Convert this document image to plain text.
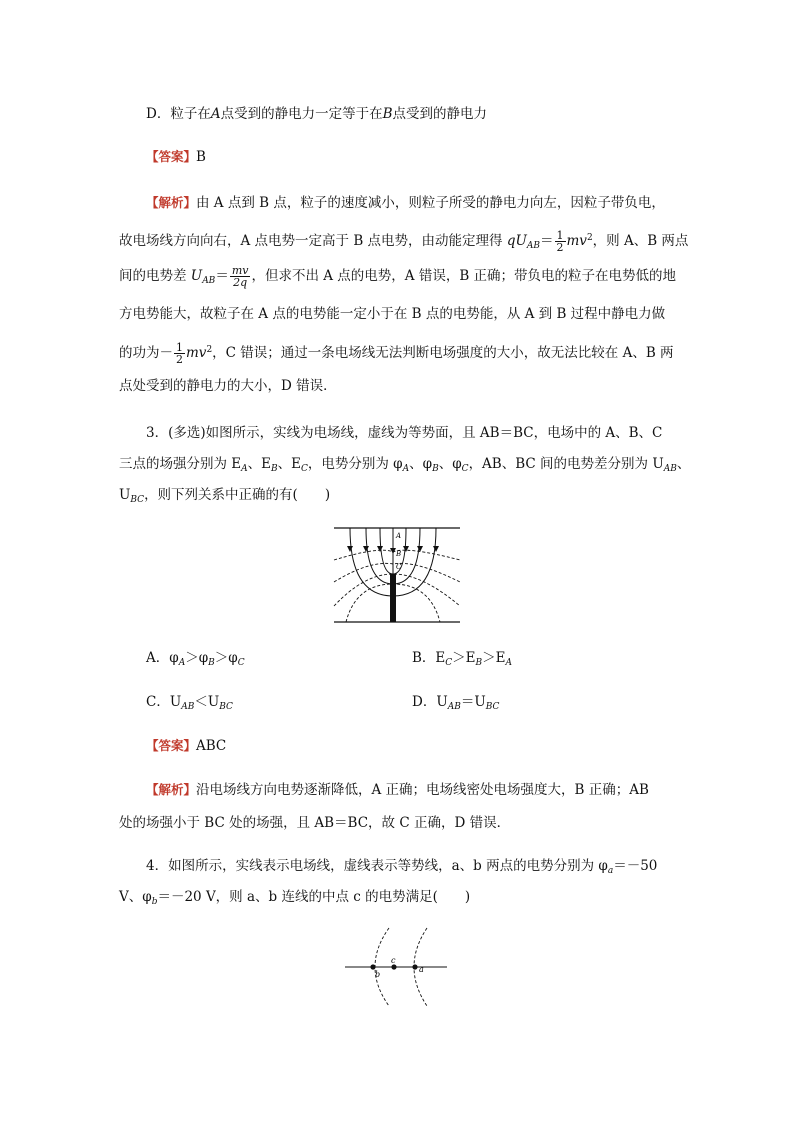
D．粒子在A点受到的静电力一定等于在B点受到的静电力
【答案】B
【解析】由 A 点到 B 点，粒子的速度减小，则粒子所受的静电力向左，因粒子带负电，
故电场线方向向右，A 点电势一定高于 B 点电势，由动能定理得 $qU_{AB}= \frac{1}{2} mv^2$，则 A、B 两点
间的电势差 $U_{AB}= \frac{mv}{2q}$ ，但求不出 A 点的电势，A 错误，B 正确；带负电的粒子在电势低的地
方电势能大，故粒子在 A 点的电势能一定小于在 B 点的电势能，从 A 到 B 过程中静电力做
的功为－ $\frac{1}{2} mv^2$，C 错误；通过一条电场线无法判断电场强度的大小，故无法比较在 A、B 两
点处受到的静电力的大小，D 错误．
3．(多选)如图所示，实线为电场线，虚线为等势面，且 AB＝BC，电场中的 A、B、C
三点的场强分别为 $E_A$、$E_B$、$E_C$，电势分别为 $\varphi_A$、$\varphi_B$、$\varphi_C$，AB、BC 间的电势差分别为 $U_{AB}$、
$U_{BC}$，则下列关系中正确的有(　　)
A
B
C
A．$\varphi_A>\varphi_B>\varphi_C$	B．$E_C>E_B>E_A$
C．$U_{AB}<U_{BC}$	D．$U_{AB}=U_{BC}$
【答案】ABC
【解析】沿电场线方向电势逐渐降低，A 正确；电场线密处电场强度大，B 正确；AB
处的场强小于 BC 处的场强，且 AB＝BC，故 C 正确，D 错误．
4．如图所示，实线表示电场线，虚线表示等势线，a、b 两点的电势分别为 $\varphi_a=-50$
V、$\varphi_b=-20$ V，则 a、b 连线的中点 c 的电势满足(　　)
b
c
a
